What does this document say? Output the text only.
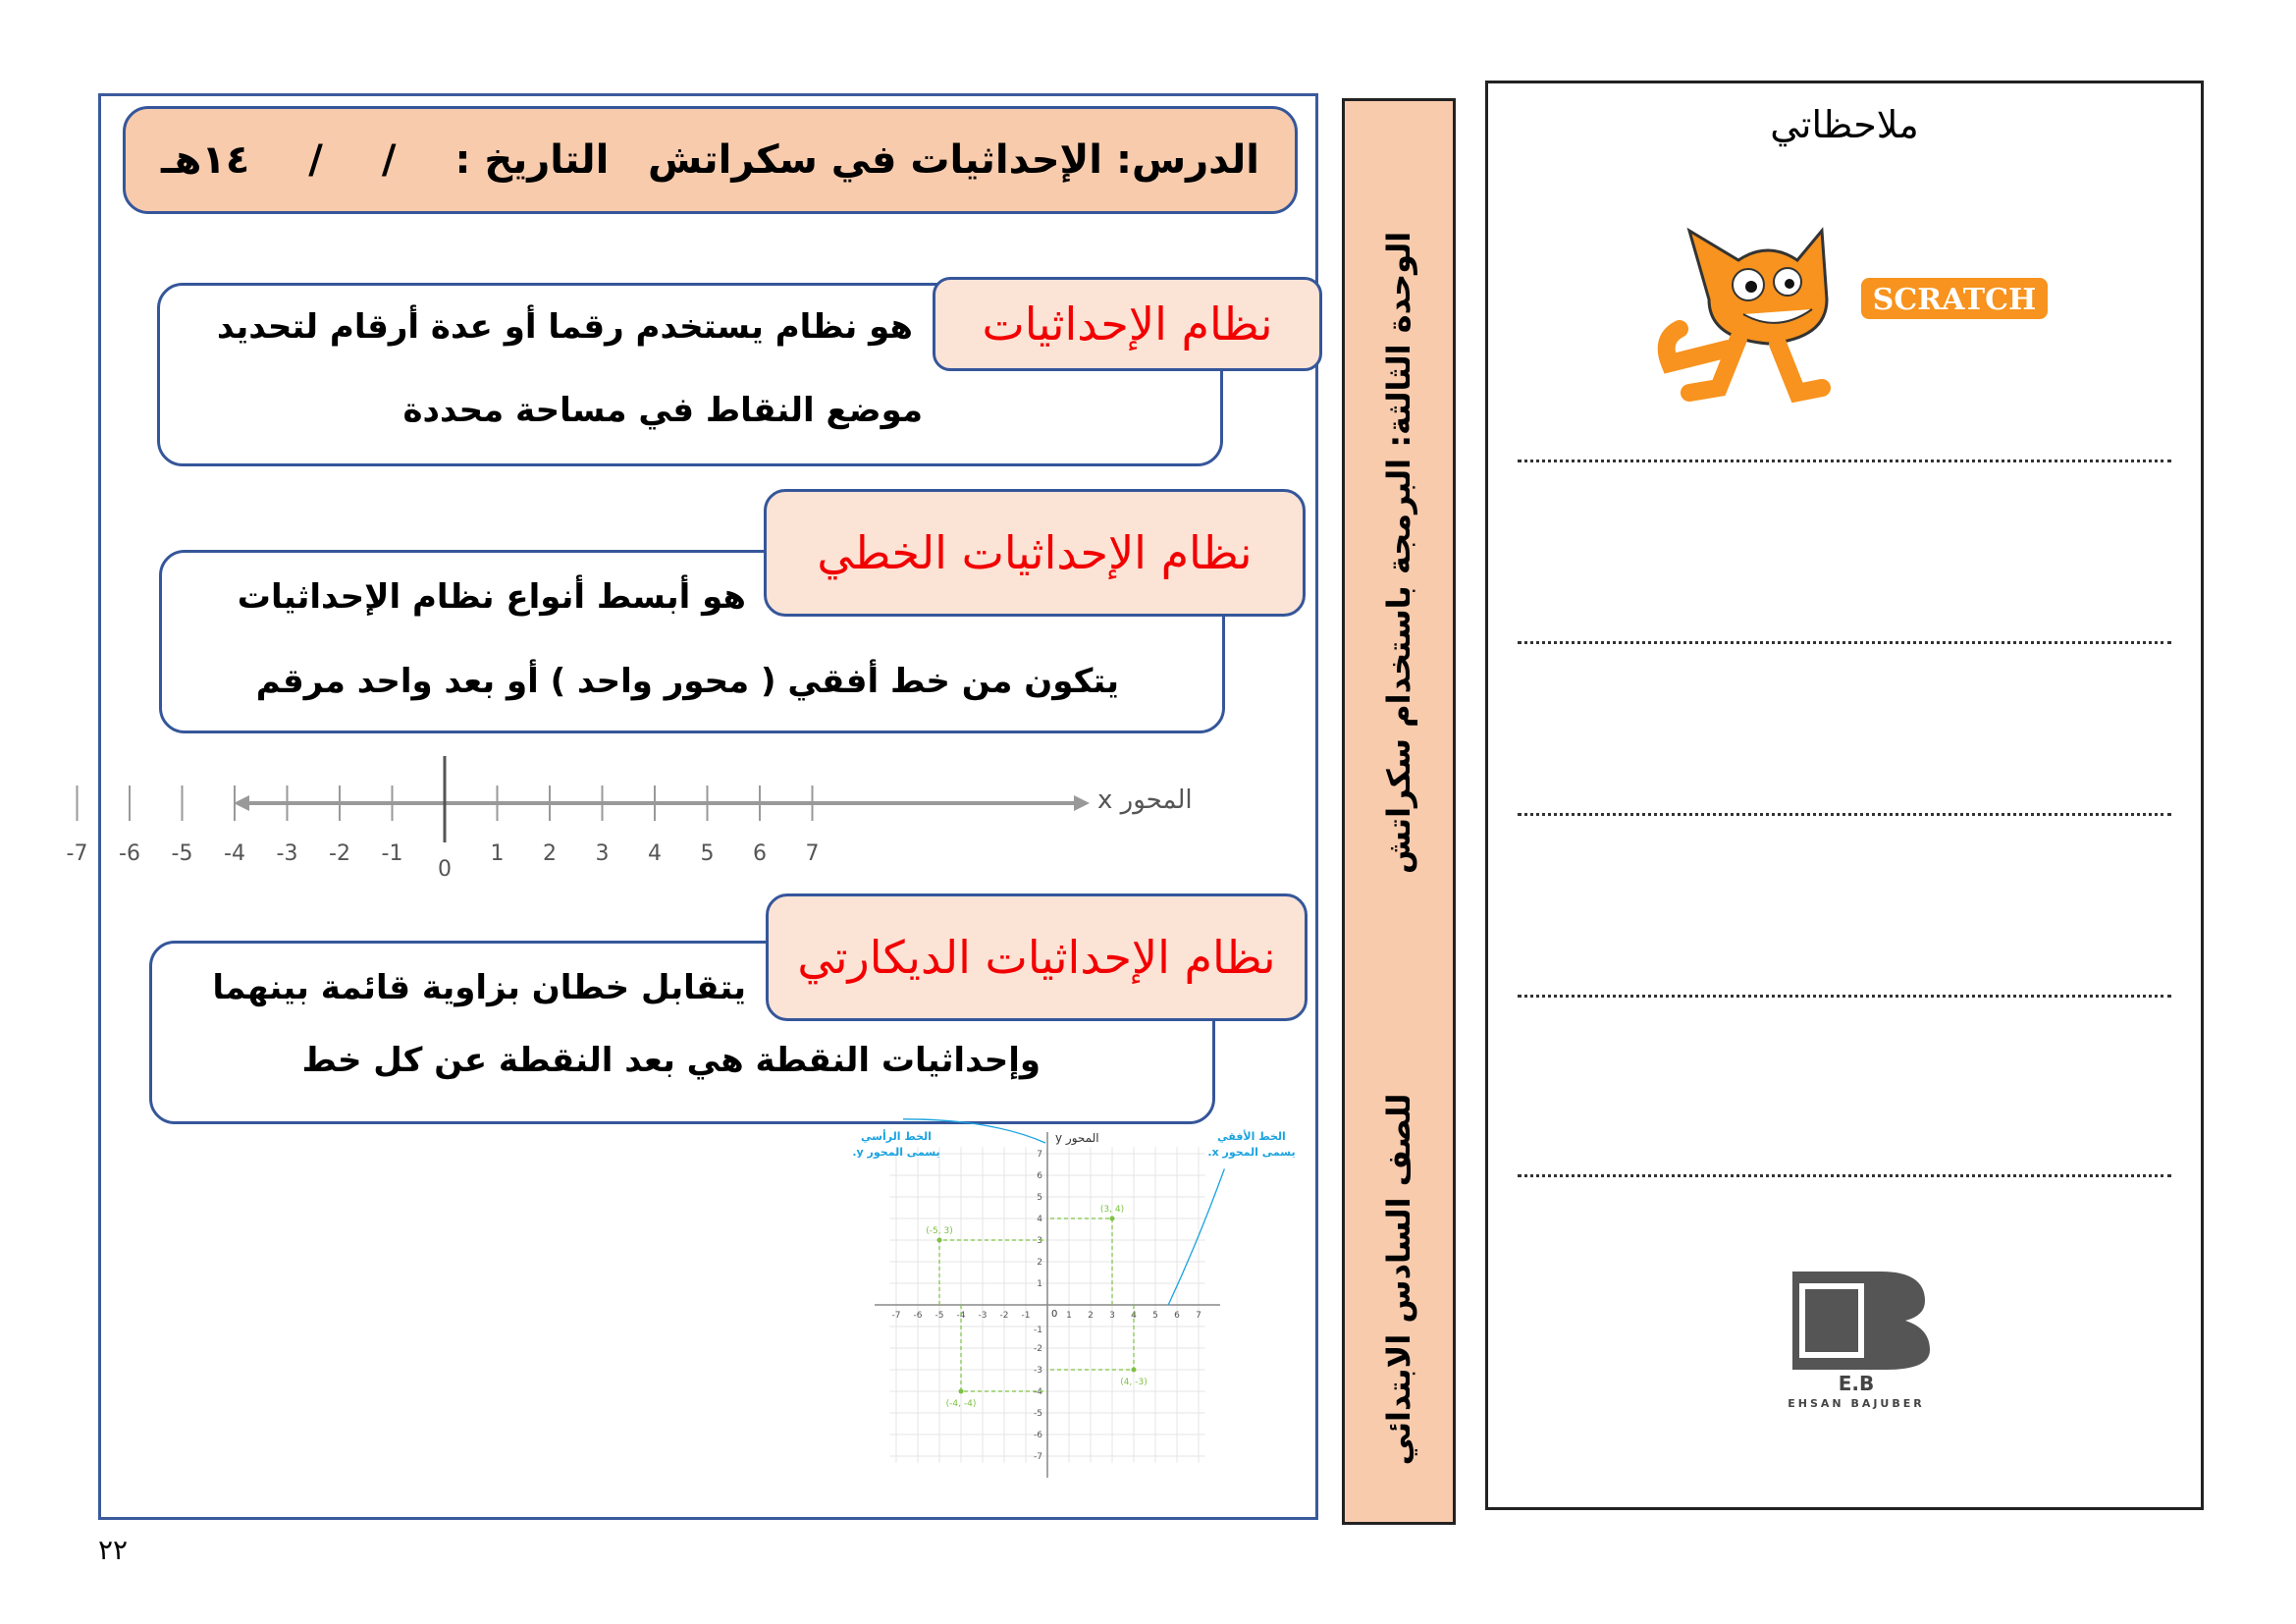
الدرس: الإحداثيات في سكراتش
التاريخ :
/
/
١٤هـ
نظام الإحداثيات
هو نظام يستخدم رقما أو عدة أرقام لتحديد
موضع النقاط في مساحة محددة
نظام الإحداثيات الخطي
هو أبسط أنواع نظام الإحداثيات
يتكون من خط أفقي ( محور واحد ) أو بعد واحد مرقم
-7 -6 -5 -4 -3 -2 -1
0
1 2 3 4 5 6 7
المحور x
نظام الإحداثيات الديكارتي
يتقابل خطان بزاوية قائمة بينهما
وإحداثيات النقطة هي بعد النقطة عن كل خط
-7
-7
-6
-6
-5
-5
-4
-4
-3
-3
-2
-2
-1
-1
1
1
2
2
3
3
4
4
5
5
6
6
7
7
0
(3, 4)
(-5, 3)
(4, -3)
(-4, -4)
الخط الرأسي يسمى المحور y.
الخط الأفقي يسمى المحور x.
المحور y
الوحدة الثالثة: البرمجة باستخدام سكراتش
للصف السادس الابتدائي
ملاحظاتي
SCRATCH
E.B
EHSAN BAJUBER
٢٢
